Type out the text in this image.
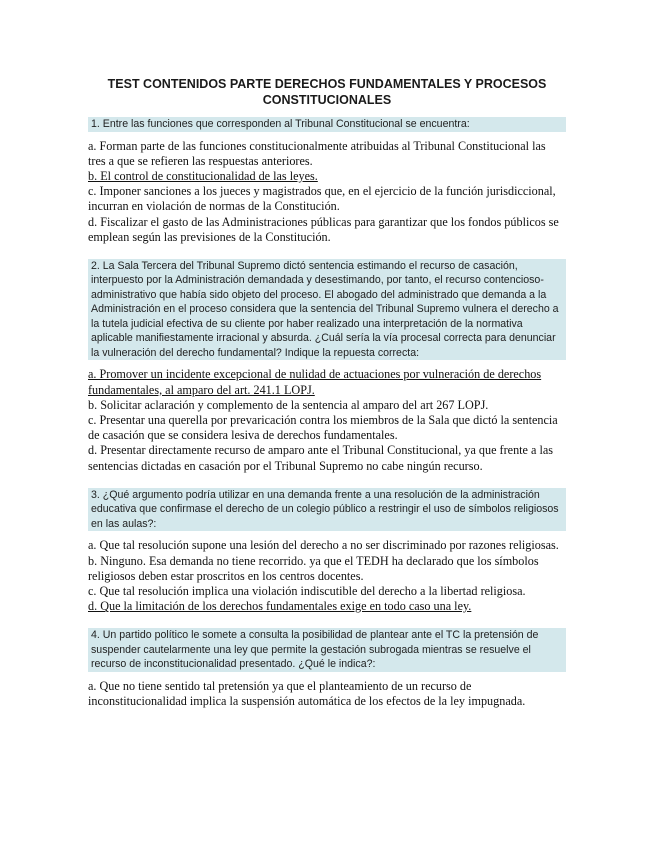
TEST CONTENIDOS PARTE DERECHOS FUNDAMENTALES Y PROCESOS CONSTITUCIONALES
1. Entre las funciones que corresponden al Tribunal Constitucional se encuentra:
a. Forman parte de las funciones constitucionalmente atribuidas al Tribunal Constitucional las tres a que se refieren las respuestas anteriores.
b. El control de constitucionalidad de las leyes.
c. Imponer sanciones a los jueces y magistrados que, en el ejercicio de la función jurisdiccional, incurran en violación de normas de la Constitución.
d. Fiscalizar el gasto de las Administraciones públicas para garantizar que los fondos públicos se emplean según las previsiones de la Constitución.
2. La Sala Tercera del Tribunal Supremo dictó sentencia estimando el recurso de casación, interpuesto por la Administración demandada y desestimando, por tanto, el recurso contencioso-administrativo que había sido objeto del proceso. El abogado del administrado que demanda a la Administración en el proceso considera que la sentencia del Tribunal Supremo vulnera el derecho a la tutela judicial efectiva de su cliente por haber realizado una interpretación de la normativa aplicable manifiestamente irracional y absurda. ¿Cuál sería la vía procesal correcta para denunciar la vulneración del derecho fundamental? Indique la repuesta correcta:
a. Promover un incidente excepcional de nulidad de actuaciones por vulneración de derechos fundamentales, al amparo del art. 241.1 LOPJ.
b. Solicitar aclaración y complemento de la sentencia al amparo del art 267 LOPJ.
c. Presentar una querella por prevaricación contra los miembros de la Sala que dictó la sentencia de casación que se considera lesiva de derechos fundamentales.
d. Presentar directamente recurso de amparo ante el Tribunal Constitucional, ya que frente a las sentencias dictadas en casación por el Tribunal Supremo no cabe ningún recurso.
3. ¿Qué argumento podría utilizar en una demanda frente a una resolución de la administración educativa que confirmase el derecho de un colegio público a restringir el uso de símbolos religiosos en las aulas?:
a. Que tal resolución supone una lesión del derecho a no ser discriminado por razones religiosas.
b. Ninguno. Esa demanda no tiene recorrido. ya que el TEDH ha declarado que los símbolos religiosos deben estar proscritos en los centros docentes.
c. Que tal resolución implica una violación indiscutible del derecho a la libertad religiosa.
d. Que la limitación de los derechos fundamentales exige en todo caso una ley.
4. Un partido político le somete a consulta la posibilidad de plantear ante el TC la pretensión de suspender cautelarmente una ley que permite la gestación subrogada mientras se resuelve el recurso de inconstitucionalidad presentado. ¿Qué le indica?:
a. Que no tiene sentido tal pretensión ya que el planteamiento de un recurso de inconstitucionalidad implica la suspensión automática de los efectos de la ley impugnada.
